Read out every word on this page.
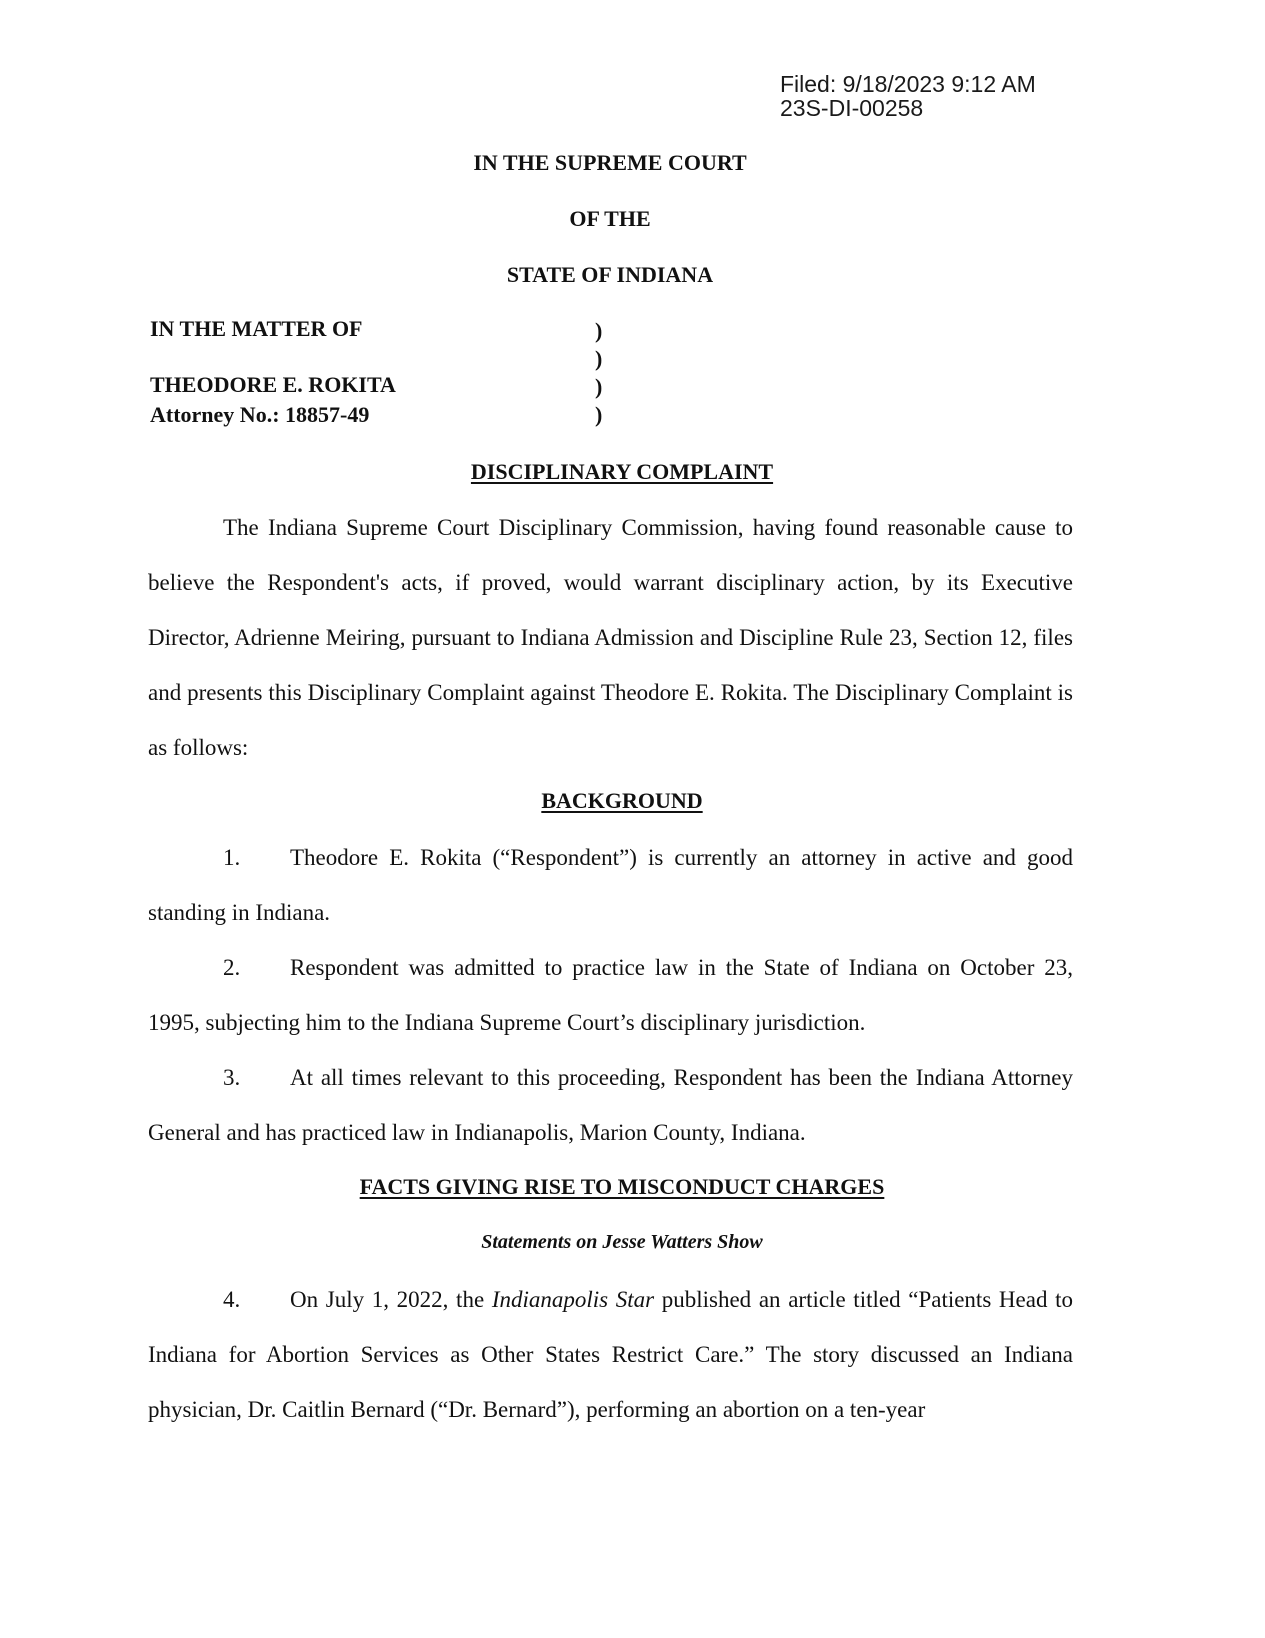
Filed: 9/18/2023 9:12 AM
23S-DI-00258
IN THE SUPREME COURT
OF THE
STATE OF INDIANA
IN THE MATTER OF
THEODORE E. ROKITA
Attorney No.: 18857-49
)
)
)
)
DISCIPLINARY COMPLAINT
The Indiana Supreme Court Disciplinary Commission, having found reasonable cause to believe the Respondent's acts, if proved, would warrant disciplinary action, by its Executive Director, Adrienne Meiring, pursuant to Indiana Admission and Discipline Rule 23, Section 12, files and presents this Disciplinary Complaint against Theodore E. Rokita. The Disciplinary Complaint is as follows:
BACKGROUND
1. Theodore E. Rokita (“Respondent”) is currently an attorney in active and good standing in Indiana.
2. Respondent was admitted to practice law in the State of Indiana on October 23, 1995, subjecting him to the Indiana Supreme Court’s disciplinary jurisdiction.
3. At all times relevant to this proceeding, Respondent has been the Indiana Attorney General and has practiced law in Indianapolis, Marion County, Indiana.
FACTS GIVING RISE TO MISCONDUCT CHARGES
Statements on Jesse Watters Show
4. On July 1, 2022, the Indianapolis Star published an article titled “Patients Head to Indiana for Abortion Services as Other States Restrict Care.” The story discussed an Indiana physician, Dr. Caitlin Bernard (“Dr. Bernard”), performing an abortion on a ten-year
